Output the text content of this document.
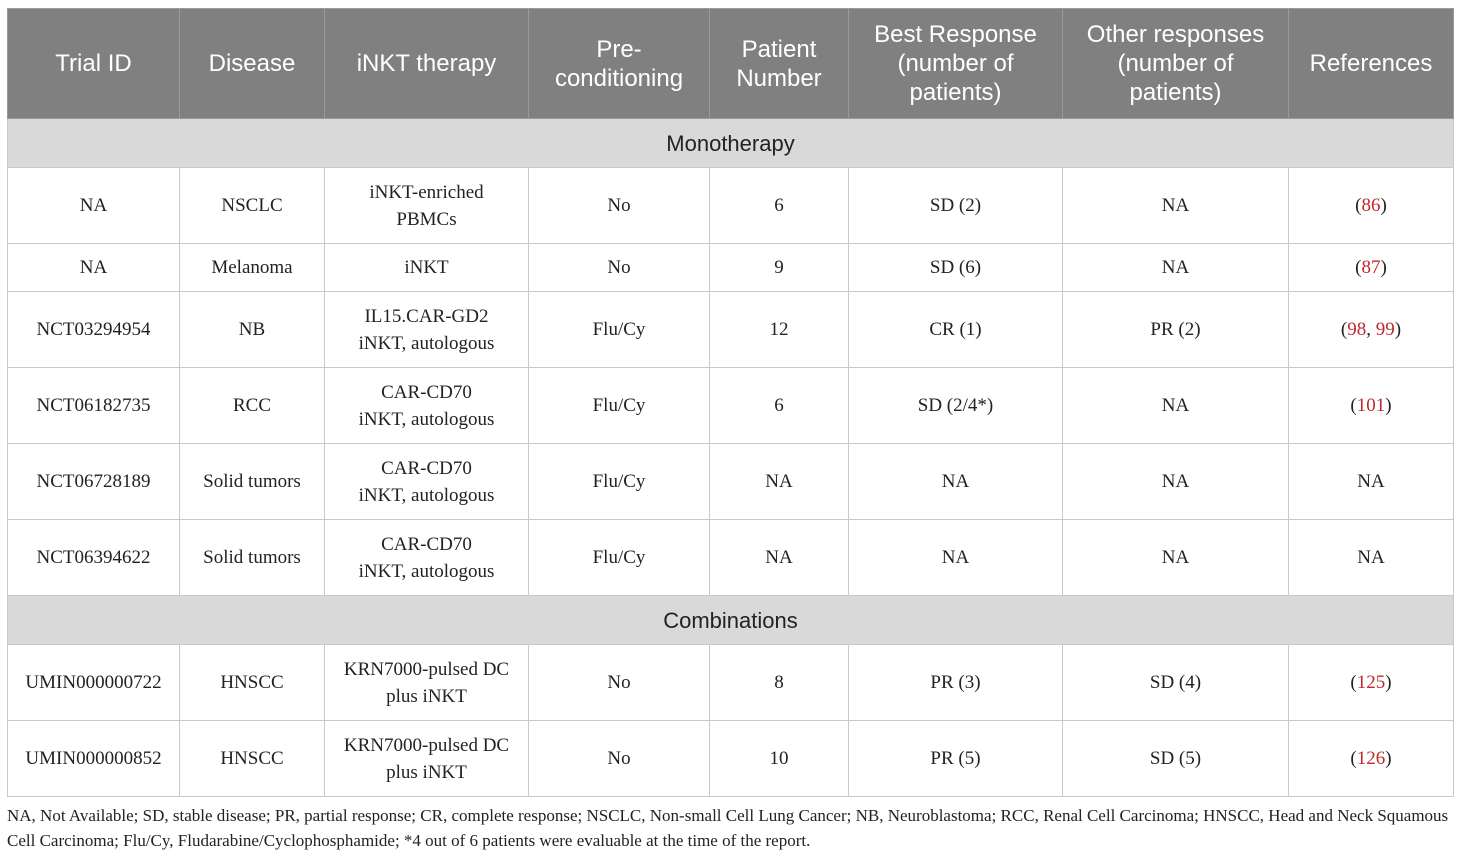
Trial ID	Disease	iNKT therapy	Pre-
conditioning	Patient
Number	Best Response
(number of
patients)	Other responses
(number of
patients)	References
Monotherapy							
NA	NSCLC	iNKT-enriched
PBMCs	No	6	SD (2)	NA	(86)
NA	Melanoma	iNKT	No	9	SD (6)	NA	(87)
NCT03294954	NB	IL15.CAR-GD2
iNKT, autologous	Flu/Cy	12	CR (1)	PR (2)	(98, 99)
NCT06182735	RCC	CAR-CD70
iNKT, autologous	Flu/Cy	6	SD (2/4*)	NA	(101)
NCT06728189	Solid tumors	CAR-CD70
iNKT, autologous	Flu/Cy	NA	NA	NA	NA
NCT06394622	Solid tumors	CAR-CD70
iNKT, autologous	Flu/Cy	NA	NA	NA	NA
Combinations							
UMIN000000722	HNSCC	KRN7000-pulsed DC
plus iNKT	No	8	PR (3)	SD (4)	(125)
UMIN000000852	HNSCC	KRN7000-pulsed DC
plus iNKT	No	10	PR (5)	SD (5)	(126)
NA, Not Available; SD, stable disease; PR, partial response; CR, complete response; NSCLC, Non-small Cell Lung Cancer; NB, Neuroblastoma; RCC, Renal Cell Carcinoma; HNSCC, Head and Neck Squamous Cell Carcinoma; Flu/Cy, Fludarabine/Cyclophosphamide; *4 out of 6 patients were evaluable at the time of the report.
